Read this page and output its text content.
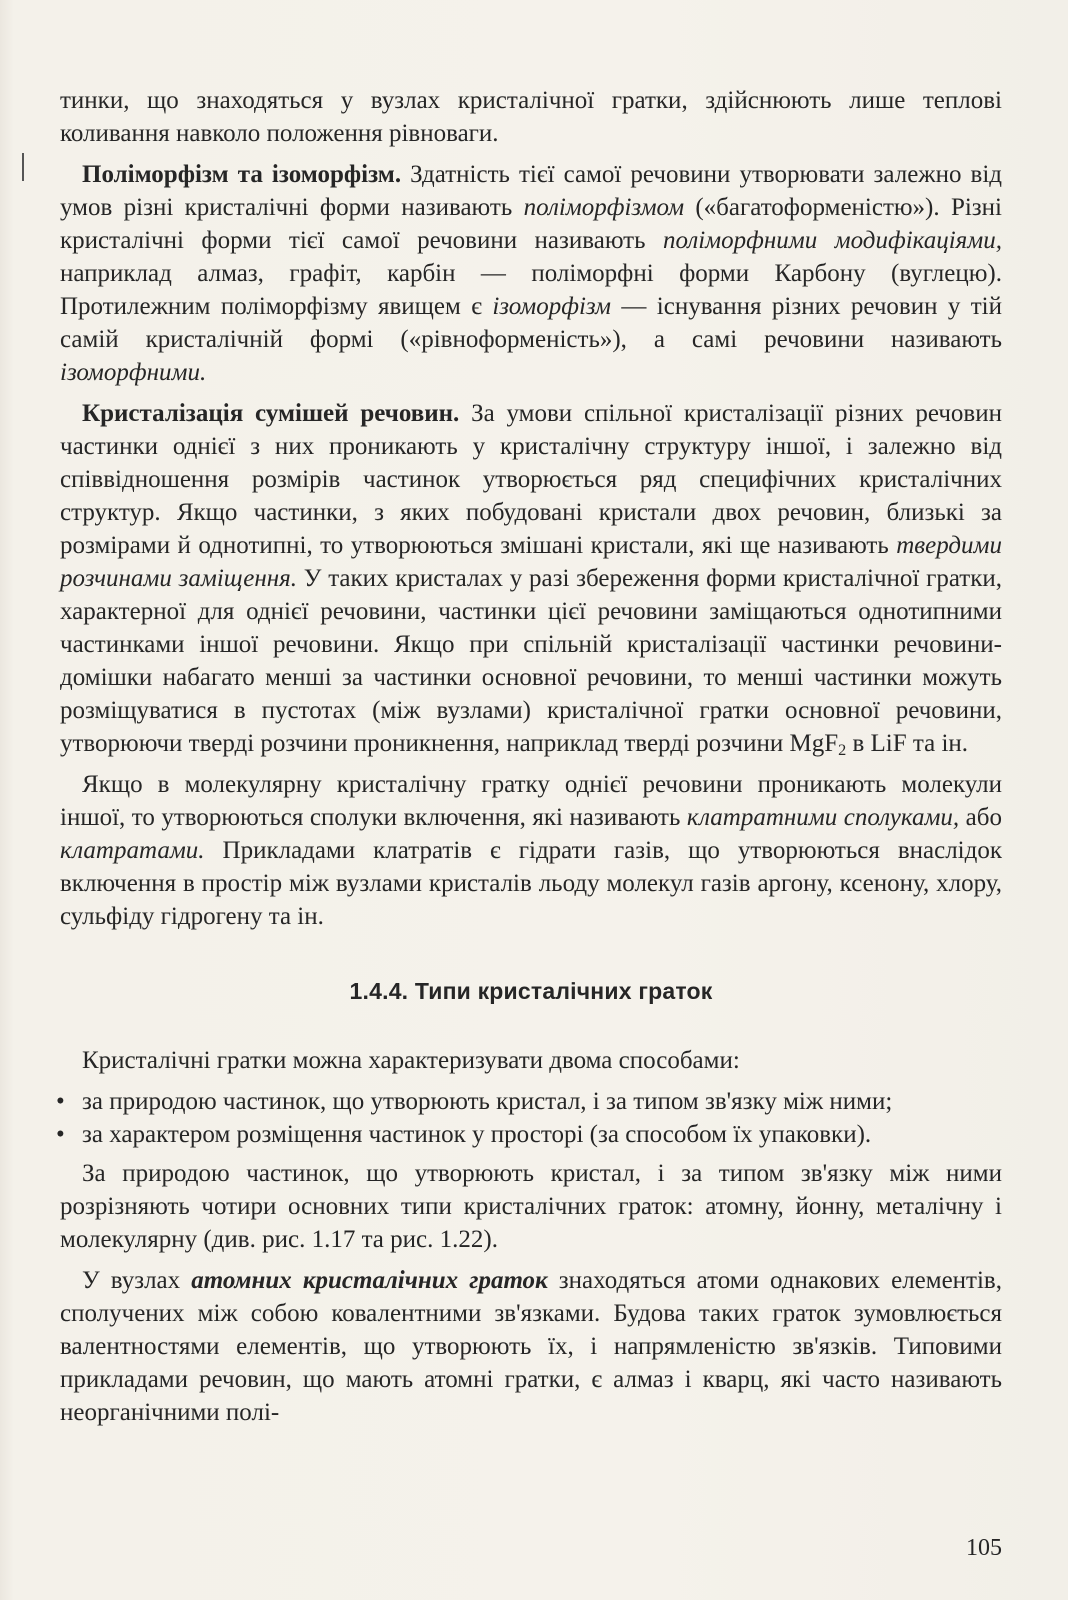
тинки, що знаходяться у вузлах кристалічної гратки, здійснюють лише теплові коливання навколо положення рівноваги.

Поліморфізм та ізоморфізм. Здатність тієї самої речовини утворювати залежно від умов різні кристалічні форми називають поліморфізмом («багатоформеністю»). Різні кристалічні форми тієї самої речовини називають поліморфними модифікаціями, наприклад алмаз, графіт, карбін — поліморфні форми Карбону (вуглецю). Протилежним поліморфізму явищем є ізоморфізм — існування різних речовин у тій самій кристалічній формі («рівноформеність»), а самі речовини називають ізоморфними.

Кристалізація сумішей речовин. За умови спільної кристалізації різних речовин частинки однієї з них проникають у кристалічну структуру іншої, і залежно від співвідношення розмірів частинок утворюється ряд специфічних кристалічних структур. Якщо частинки, з яких побудовані кристали двох речовин, близькі за розмірами й однотипні, то утворюються змішані кристали, які ще називають твердими розчинами заміщення. У таких кристалах у разі збереження форми кристалічної гратки, характерної для однієї речовини, частинки цієї речовини заміщаються однотипними частинками іншої речовини. Якщо при спільній кристалізації частинки речовини-домішки набагато менші за частинки основної речовини, то менші частинки можуть розміщуватися в пустотах (між вузлами) кристалічної гратки основної речовини, утворюючи тверді розчини проникнення, наприклад тверді розчини MgF$_2$ в LiF та ін.

Якщо в молекулярну кристалічну гратку однієї речовини проникають молекули іншої, то утворюються сполуки включення, які називають клатратними сполуками, або клатратами. Прикладами клатратів є гідрати газів, що утворюються внаслідок включення в простір між вузлами кристалів льоду молекул газів аргону, ксенону, хлору, сульфіду гідрогену та ін.

1.4.4. Типи кристалічних граток

Кристалічні гратки можна характеризувати двома способами:

• за природою частинок, що утворюють кристал, і за типом зв'язку між ними;
• за характером розміщення частинок у просторі (за способом їх упаковки).

За природою частинок, що утворюють кристал, і за типом зв'язку між ними розрізняють чотири основних типи кристалічних граток: атомну, йонну, металічну і молекулярну (див. рис. 1.17 та рис. 1.22).

У вузлах атомних кристалічних граток знаходяться атоми однакових елементів, сполучених між собою ковалентними зв'язками. Будова таких граток зумовлюється валентностями елементів, що утворюють їх, і напрямленістю зв'язків. Типовими прикладами речовин, що мають атомні гратки, є алмаз і кварц, які часто називають неорганічними полі-

105
